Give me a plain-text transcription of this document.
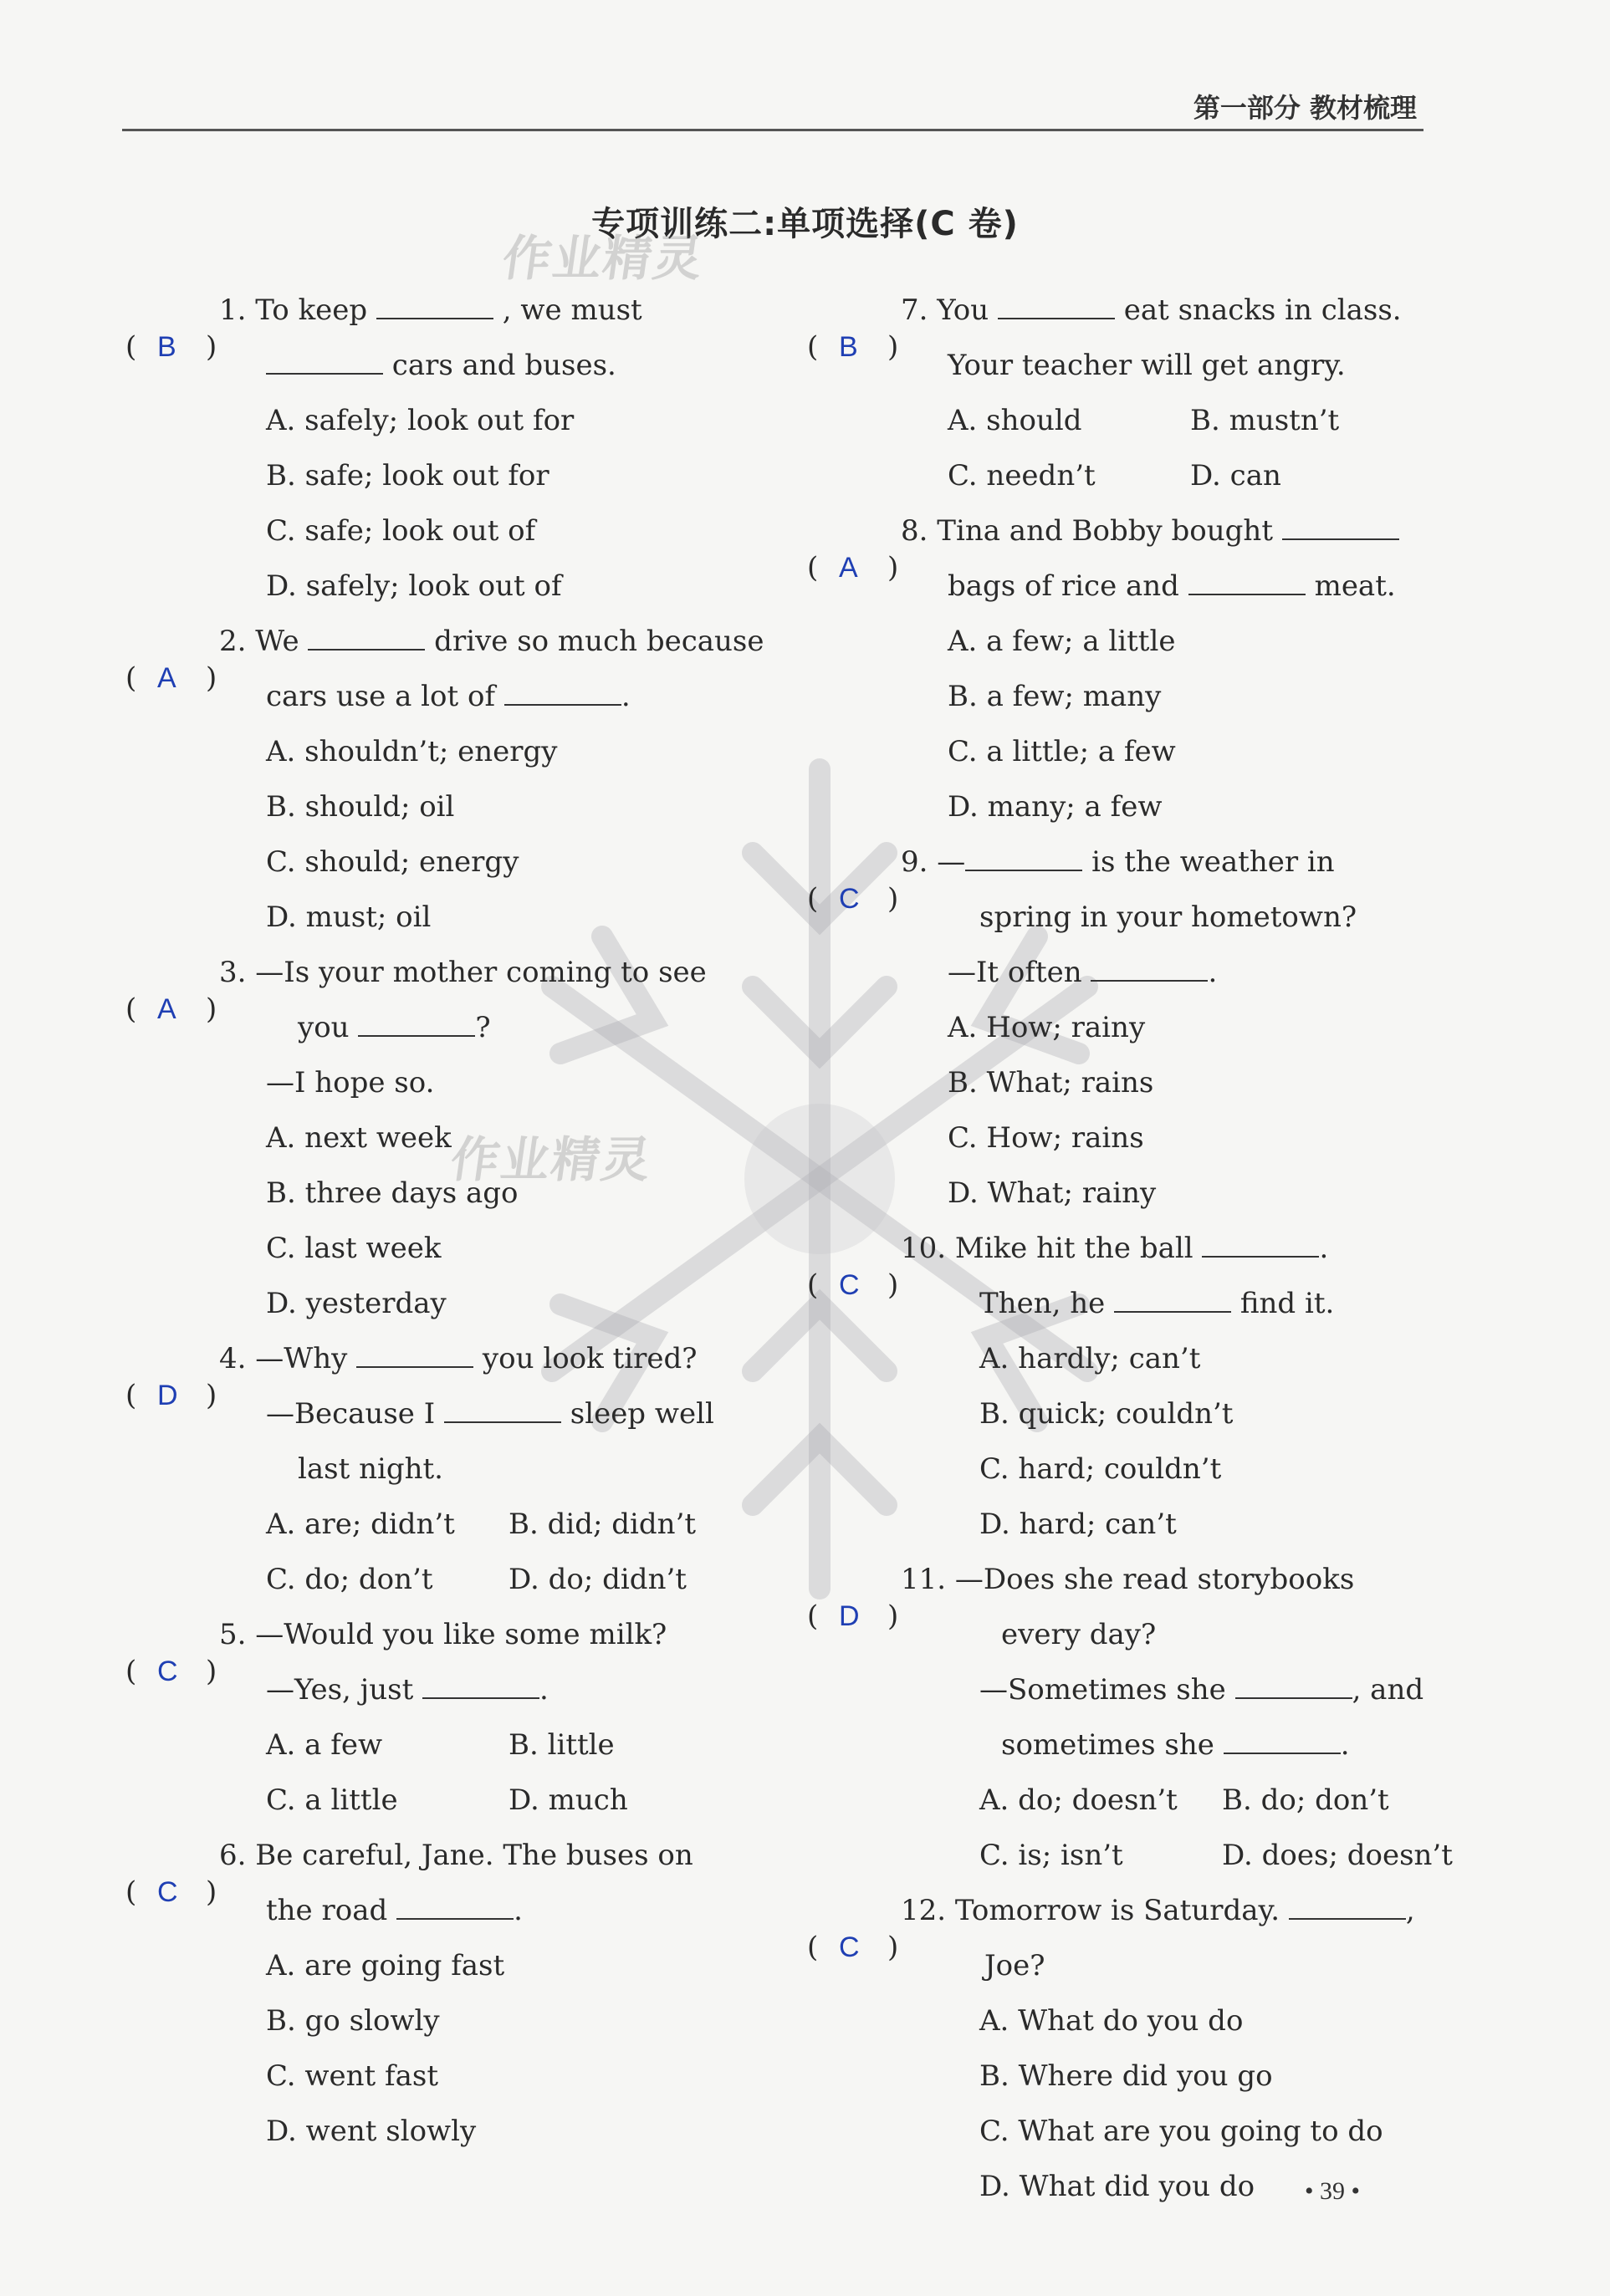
第一部分 教材梳理
专项训练二:单项选择(C 卷)
作业精灵
作业精灵
( B )
1. To keep	, we must
cars and buses.
A. safely; look out for
B. safe; look out for
C. safe; look out of
D. safely; look out of
( A )
2. We	drive so much because
cars use a lot of	.
A. shouldn’t; energy
B. should; oil
C. should; energy
D. must; oil
( A )
3. —Is your mother coming to see
you	?
—I hope so.
A. next week
B. three days ago
C. last week
D. yesterday
( D )
4. —Why	you look tired?
—Because I	sleep well
last night.
A. are; didn’t B. did; didn’t
C. do; don’t	D. do; didn’t
( C )
5. —Would you like some milk?
—Yes, just	.
A. a few	B. little
C. a little	D. much
( C )
6. Be careful, Jane. The buses on
the road	.
A. are going fast
B. go slowly
C. went fast
D. went slowly
( B )
7. You	eat snacks in class.
Your teacher will get angry.
A. should	B. mustn’t
C. needn’t	D. can
( A )
8. Tina and Bobby bought
bags of rice and	meat.
A. a few; a little
B. a few; many
C. a little; a few
D. many; a few
( C )
9. —	is the weather in
spring in your hometown?
—It often	.
A. How; rainy
B. What; rains
C. How; rains
D. What; rainy
( C )
10. Mike hit the ball	.
Then, he	find it.
A. hardly; can’t
B. quick; couldn’t
C. hard; couldn’t
D. hard; can’t
( D )
11. —Does she read storybooks
every day?
—Sometimes she	, and
sometimes she	.
A. do; doesn’t B. do; don’t
C. is; isn’t	D. does; doesn’t
( C )
12. Tomorrow is Saturday.	,
Joe?
A. What do you do
B. Where did you go
C. What are you going to do
D. What did you do	• 39 •
